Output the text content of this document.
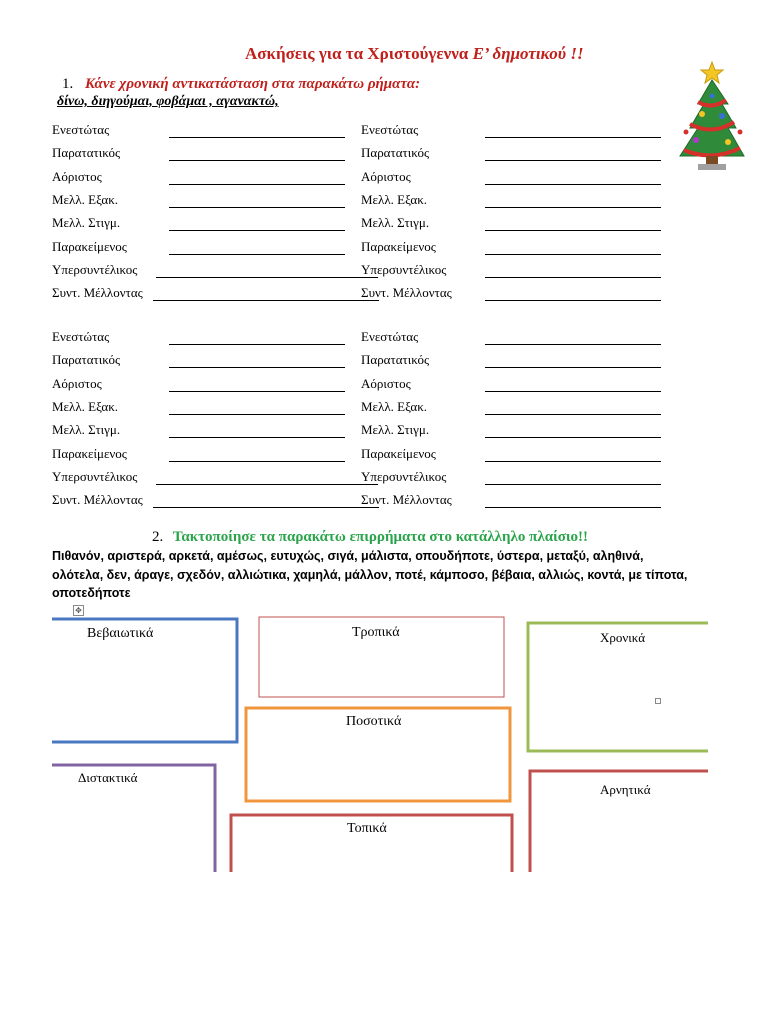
Ασκήσεις για τα Χριστούγεννα Ε’ δημοτικού !!
1. Κάνε χρονική αντικατάσταση στα παρακάτω ρήματα:
δίνω, διηγούμαι, φοβάμαι , αγανακτώ,
Ενεστώτας	Ενεστώτας
Παρατατικός	Παρατατικός
Αόριστος	Αόριστος
Μελλ. Εξακ.	Μελλ. Εξακ.
Μελλ. Στιγμ.	Μελλ. Στιγμ.
Παρακείμενος	Παρακείμενος
Υπερσυντέλικος	Υπερσυντέλικος
Συντ. Μέλλοντας	Συντ. Μέλλοντας
Ενεστώτας	Ενεστώτας
Παρατατικός	Παρατατικός
Αόριστος	Αόριστος
Μελλ. Εξακ.	Μελλ. Εξακ.
Μελλ. Στιγμ.	Μελλ. Στιγμ.
Παρακείμενος	Παρακείμενος
Υπερσυντέλικος	Υπερσυντέλικος
Συντ. Μέλλοντας	Συντ. Μέλλοντας
2. Τακτοποίησε τα παρακάτω επιρρήματα στο κατάλληλο πλαίσιο!!
Πιθανόν, αριστερά, αρκετά, αμέσως, ευτυχώς, σιγά, μάλιστα, οπουδήποτε, ύστερα, μεταξύ, αληθινά, ολότελα, δεν, άραγε, σχεδόν, αλλιώτικα, χαμηλά, μάλλον, ποτέ, κάμποσο, βέβαια, αλλιώς, κοντά, με τίποτα, οποτεδήποτε
✥
Βεβαιωτικά	Τροπικά	Χρονικά
Ποσοτικά
Διστακτικά
Αρνητικά
Τοπικά
